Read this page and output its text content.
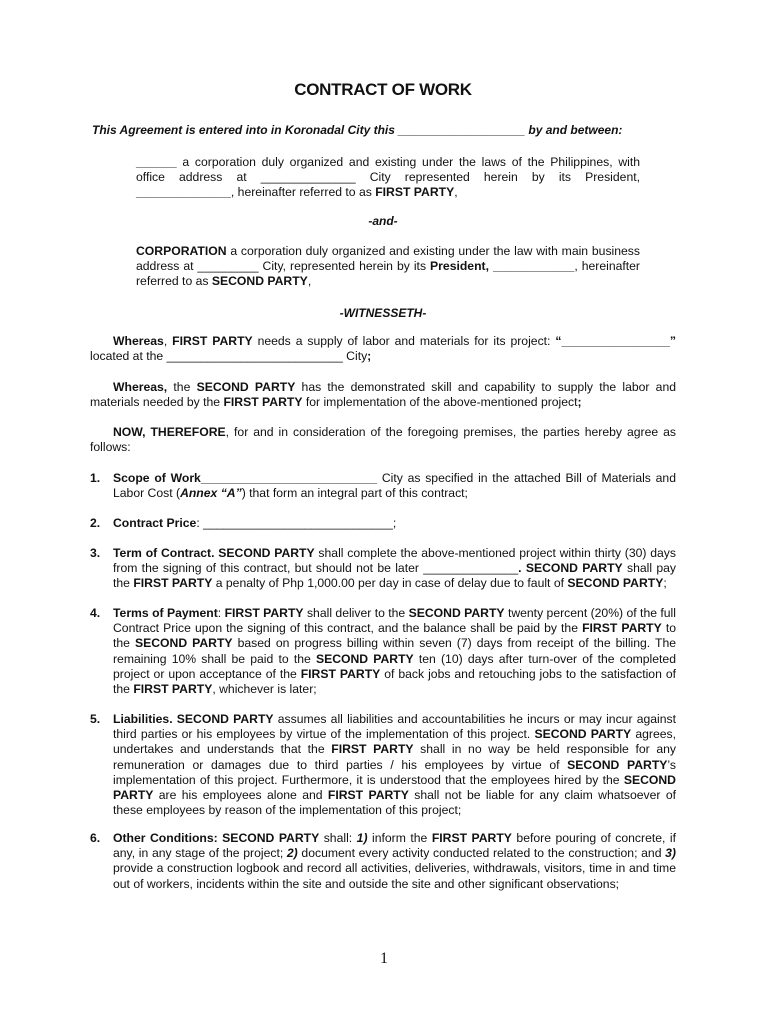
CONTRACT OF WORK
This Agreement is entered into in Koronadal City this ___________________ by and between:
______ a corporation duly organized and existing under the laws of the Philippines, with office address at ______________ City represented herein by its President, ______________, hereinafter referred to as FIRST PARTY,
-and-
CORPORATION a corporation duly organized and existing under the law with main business address at _________ City, represented herein by its President, ____________, hereinafter referred to as SECOND PARTY,
-WITNESSETH-
Whereas, FIRST PARTY needs a supply of labor and materials for its project: “________________” located at the __________________________ City;
Whereas, the SECOND PARTY has the demonstrated skill and capability to supply the labor and materials needed by the FIRST PARTY for implementation of the above-mentioned project;
NOW, THEREFORE, for and in consideration of the foregoing premises, the parties hereby agree as follows:
1. Scope of Work__________________________ City as specified in the attached Bill of Materials and Labor Cost (Annex “A”) that form an integral part of this contract;
2. Contract Price: ____________________________;
3. Term of Contract. SECOND PARTY shall complete the above-mentioned project within thirty (30) days from the signing of this contract, but should not be later ______________. SECOND PARTY shall pay the FIRST PARTY a penalty of Php 1,000.00 per day in case of delay due to fault of SECOND PARTY;
4. Terms of Payment: FIRST PARTY shall deliver to the SECOND PARTY twenty percent (20%) of the full Contract Price upon the signing of this contract, and the balance shall be paid by the FIRST PARTY to the SECOND PARTY based on progress billing within seven (7) days from receipt of the billing. The remaining 10% shall be paid to the SECOND PARTY ten (10) days after turn-over of the completed project or upon acceptance of the FIRST PARTY of back jobs and retouching jobs to the satisfaction of the FIRST PARTY, whichever is later;
5. Liabilities. SECOND PARTY assumes all liabilities and accountabilities he incurs or may incur against third parties or his employees by virtue of the implementation of this project. SECOND PARTY agrees, undertakes and understands that the FIRST PARTY shall in no way be held responsible for any remuneration or damages due to third parties / his employees by virtue of SECOND PARTY’s implementation of this project. Furthermore, it is understood that the employees hired by the SECOND PARTY are his employees alone and FIRST PARTY shall not be liable for any claim whatsoever of these employees by reason of the implementation of this project;
6. Other Conditions: SECOND PARTY shall: 1) inform the FIRST PARTY before pouring of concrete, if any, in any stage of the project; 2) document every activity conducted related to the construction; and 3) provide a construction logbook and record all activities, deliveries, withdrawals, visitors, time in and time out of workers, incidents within the site and outside the site and other significant observations;
1
